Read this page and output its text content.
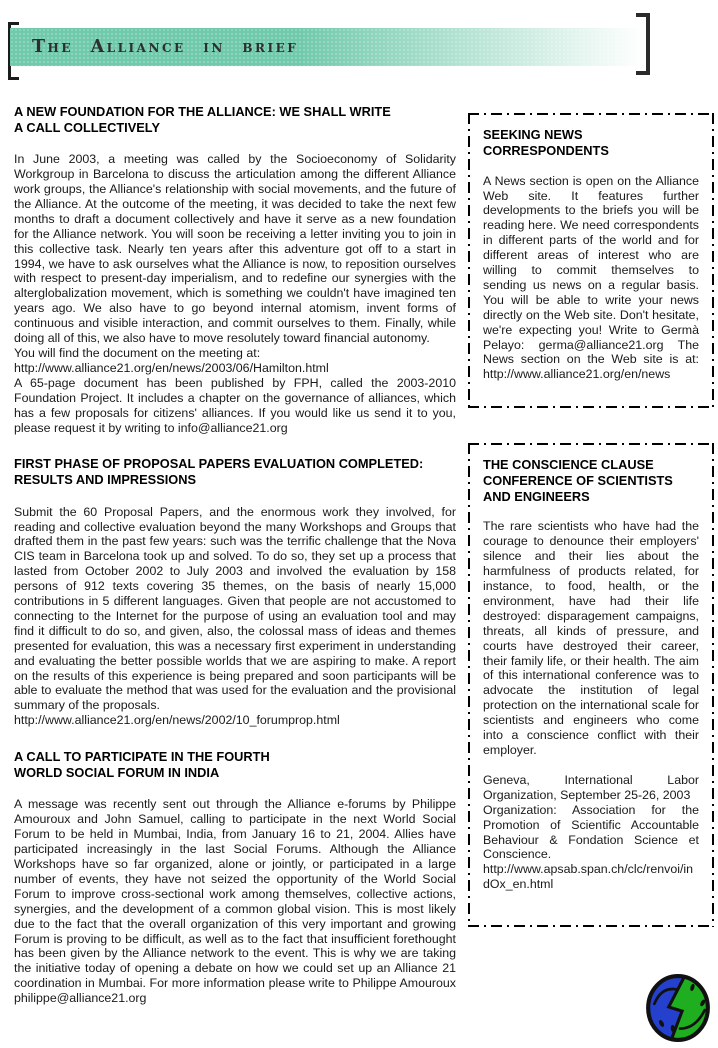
The Alliance in brief
A NEW FOUNDATION FOR THE ALLIANCE: WE SHALL WRITE
A CALL COLLECTIVELY

In June 2003, a meeting was called by the Socioeconomy of Solidarity Workgroup in Barcelona to discuss the articulation among the different Alliance work groups, the Alliance's relationship with social movements, and the future of the Alliance. At the outcome of the meeting, it was decided to take the next few months to draft a document collectively and have it serve as a new foundation for the Alliance network. You will soon be receiving a letter inviting you to join in this collective task. Nearly ten years after this adventure got off to a start in 1994, we have to ask ourselves what the Alliance is now, to reposition ourselves with respect to present-day imperialism, and to redefine our synergies with the alterglobalization movement, which is something we couldn't have imagined ten years ago. We also have to go beyond internal atomism, invent forms of continuous and visible interaction, and commit ourselves to them. Finally, while doing all of this, we also have to move resolutely toward financial autonomy.

You will find the document on the meeting at:

http://www.alliance21.org/en/news/2003/06/Hamilton.html

A 65-page document has been published by FPH, called the 2003-2010 Foundation Project. It includes a chapter on the governance of alliances, which has a few proposals for citizens' alliances. If you would like us send it to you, please request it by writing to info@alliance21.org

FIRST PHASE OF PROPOSAL PAPERS EVALUATION COMPLETED:
RESULTS AND IMPRESSIONS

Submit the 60 Proposal Papers, and the enormous work they involved, for reading and collective evaluation beyond the many Workshops and Groups that drafted them in the past few years: such was the terrific challenge that the Nova CIS team in Barcelona took up and solved. To do so, they set up a process that lasted from October 2002 to July 2003 and involved the evaluation by 158 persons of 912 texts covering 35 themes, on the basis of nearly 15,000 contributions in 5 different languages. Given that people are not accustomed to connecting to the Internet for the purpose of using an evaluation tool and may find it difficult to do so, and given, also, the colossal mass of ideas and themes presented for evaluation, this was a necessary first experiment in understanding and evaluating the better possible worlds that we are aspiring to make. A report on the results of this experience is being prepared and soon participants will be able to evaluate the method that was used for the evaluation and the provisional summary of the proposals.

http://www.alliance21.org/en/news/2002/10_forumprop.html

A CALL TO PARTICIPATE IN THE FOURTH
WORLD SOCIAL FORUM IN INDIA

A message was recently sent out through the Alliance e-forums by Philippe Amouroux and John Samuel, calling to participate in the next World Social Forum to be held in Mumbai, India, from January 16 to 21, 2004. Allies have participated increasingly in the last Social Forums. Although the Alliance Workshops have so far organized, alone or jointly, or participated in a large number of events, they have not seized the opportunity of the World Social Forum to improve cross-sectional work among themselves, collective actions, synergies, and the development of a common global vision. This is most likely due to the fact that the overall organization of this very important and growing Forum is proving to be difficult, as well as to the fact that insufficient forethought has been given by the Alliance network to the event. This is why we are taking the initiative today of opening a debate on how we could set up an Alliance 21 coordination in Mumbai. For more information please write to Philippe Amouroux philippe@alliance21.org

SEEKING NEWS
CORRESPONDENTS

A News section is open on the Alliance Web site. It features further developments to the briefs you will be reading here. We need correspondents in different parts of the world and for different areas of interest who are willing to commit themselves to sending us news on a regular basis. You will be able to write your news directly on the Web site. Don't hesitate, we're expecting you! Write to Germà Pelayo: germa@alliance21.org The News section on the Web site is at: http://www.alliance21.org/en/news

THE CONSCIENCE CLAUSE
CONFERENCE OF SCIENTISTS
AND ENGINEERS

The rare scientists who have had the courage to denounce their employers' silence and their lies about the harmfulness of products related, for instance, to food, health, or the environment, have had their life destroyed: disparagement campaigns, threats, all kinds of pressure, and courts have destroyed their career, their family life, or their health. The aim of this international conference was to advocate the institution of legal protection on the international scale for scientists and engineers who come into a conscience conflict with their employer.

Geneva, International Labor Organization, September 25-26, 2003

Organization: Association for the Promotion of Scientific Accountable Behaviour & Fondation Science et Conscience.

http://www.apsab.span.ch/clc/renvoi/indOx_en.html
